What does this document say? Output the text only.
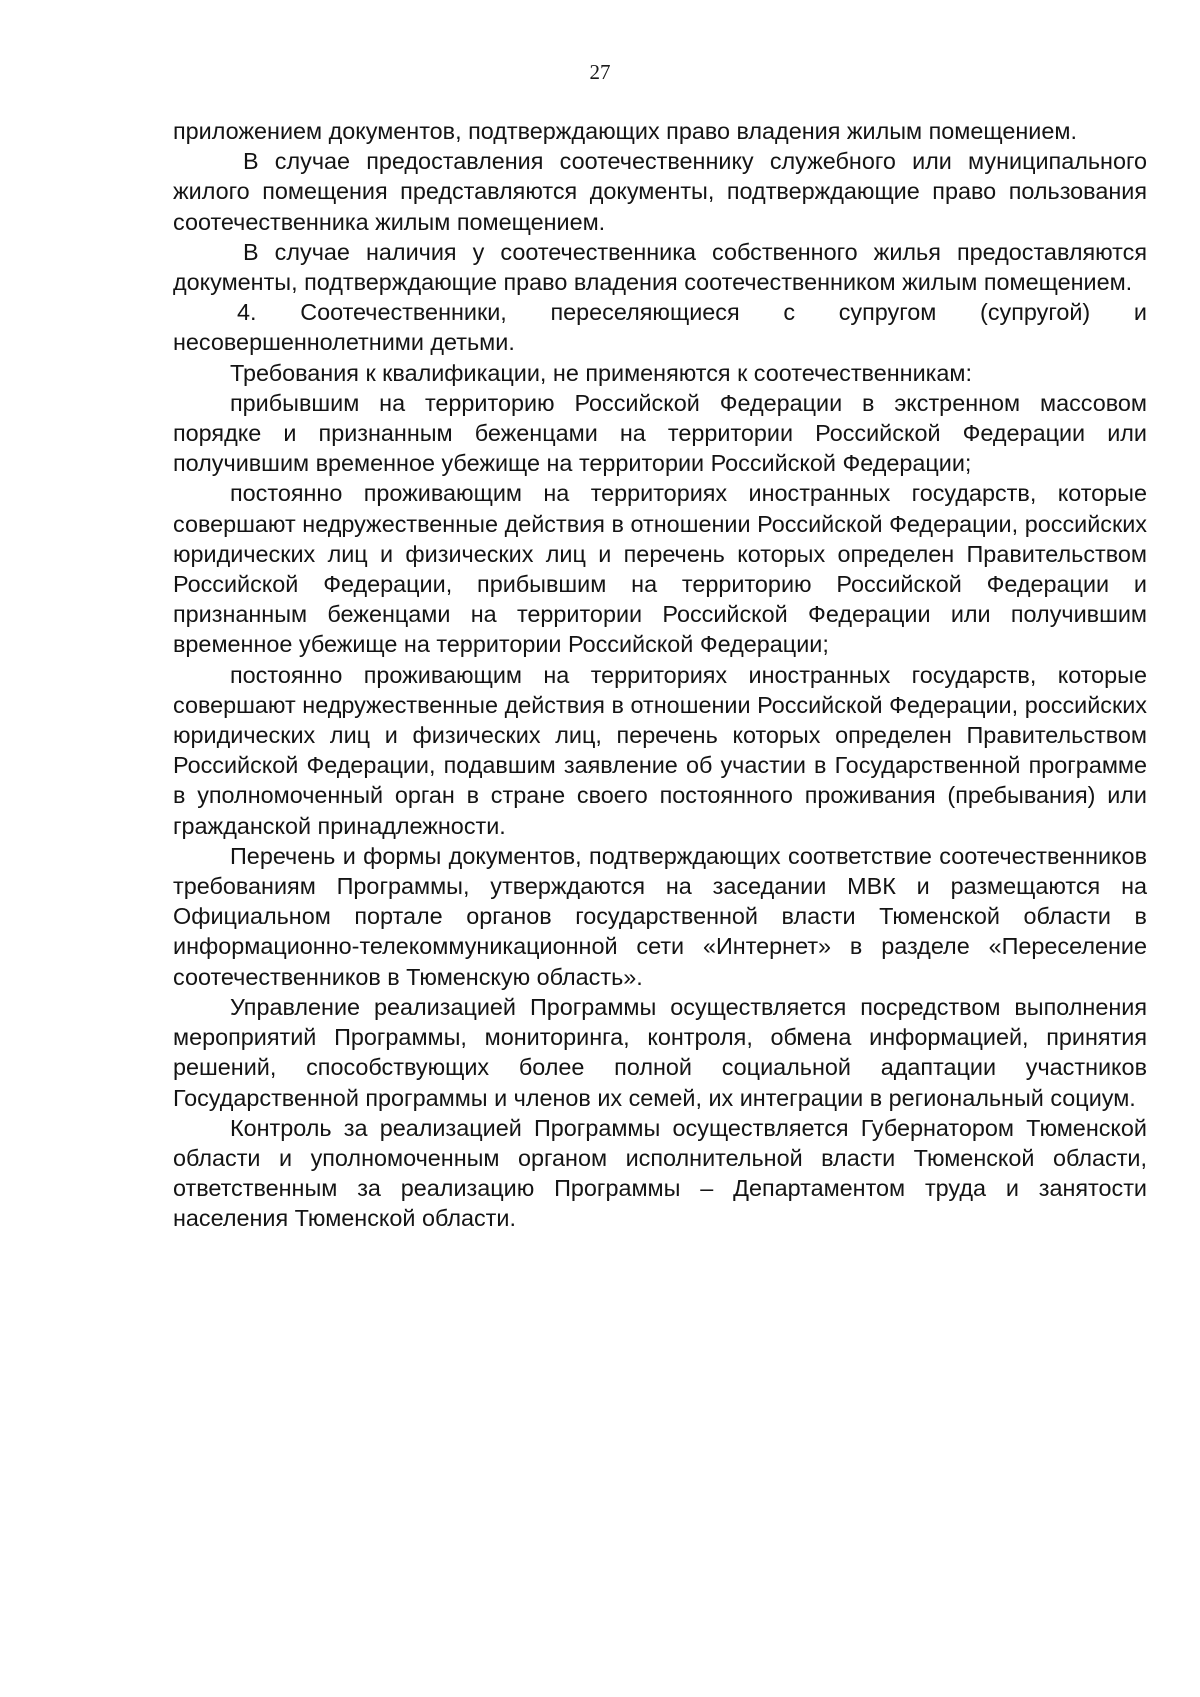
27

приложением документов, подтверждающих право владения жилым помещением.

В случае предоставления соотечественнику служебного или муниципального жилого помещения представляются документы, подтверждающие право пользования соотечественника жилым помещением.

В случае наличия у соотечественника собственного жилья предоставляются документы, подтверждающие право владения соотечественником жилым помещением.

4. Соотечественники, переселяющиеся с супругом (супругой) и несовершеннолетними детьми.

Требования к квалификации, не применяются к соотечественникам:

прибывшим на территорию Российской Федерации в экстренном массовом порядке и признанным беженцами на территории Российской Федерации или получившим временное убежище на территории Российской Федерации;

постоянно проживающим на территориях иностранных государств, которые совершают недружественные действия в отношении Российской Федерации, российских юридических лиц и физических лиц и перечень которых определен Правительством Российской Федерации, прибывшим на территорию Российской Федерации и признанным беженцами на территории Российской Федерации или получившим временное убежище на территории Российской Федерации;

постоянно проживающим на территориях иностранных государств, которые совершают недружественные действия в отношении Российской Федерации, российских юридических лиц и физических лиц, перечень которых определен Правительством Российской Федерации, подавшим заявление об участии в Государственной программе в уполномоченный орган в стране своего постоянного проживания (пребывания) или гражданской принадлежности.

Перечень и формы документов, подтверждающих соответствие соотечественников требованиям Программы, утверждаются на заседании МВК и размещаются на Официальном портале органов государственной власти Тюменской области в информационно-телекоммуникационной сети «Интернет» в разделе «Переселение соотечественников в Тюменскую область».

Управление реализацией Программы осуществляется посредством выполнения мероприятий Программы, мониторинга, контроля, обмена информацией, принятия решений, способствующих более полной социальной адаптации участников Государственной программы и членов их семей, их интеграции в региональный социум.

Контроль за реализацией Программы осуществляется Губернатором Тюменской области и уполномоченным органом исполнительной власти Тюменской области, ответственным за реализацию Программы – Департаментом труда и занятости населения Тюменской области.
